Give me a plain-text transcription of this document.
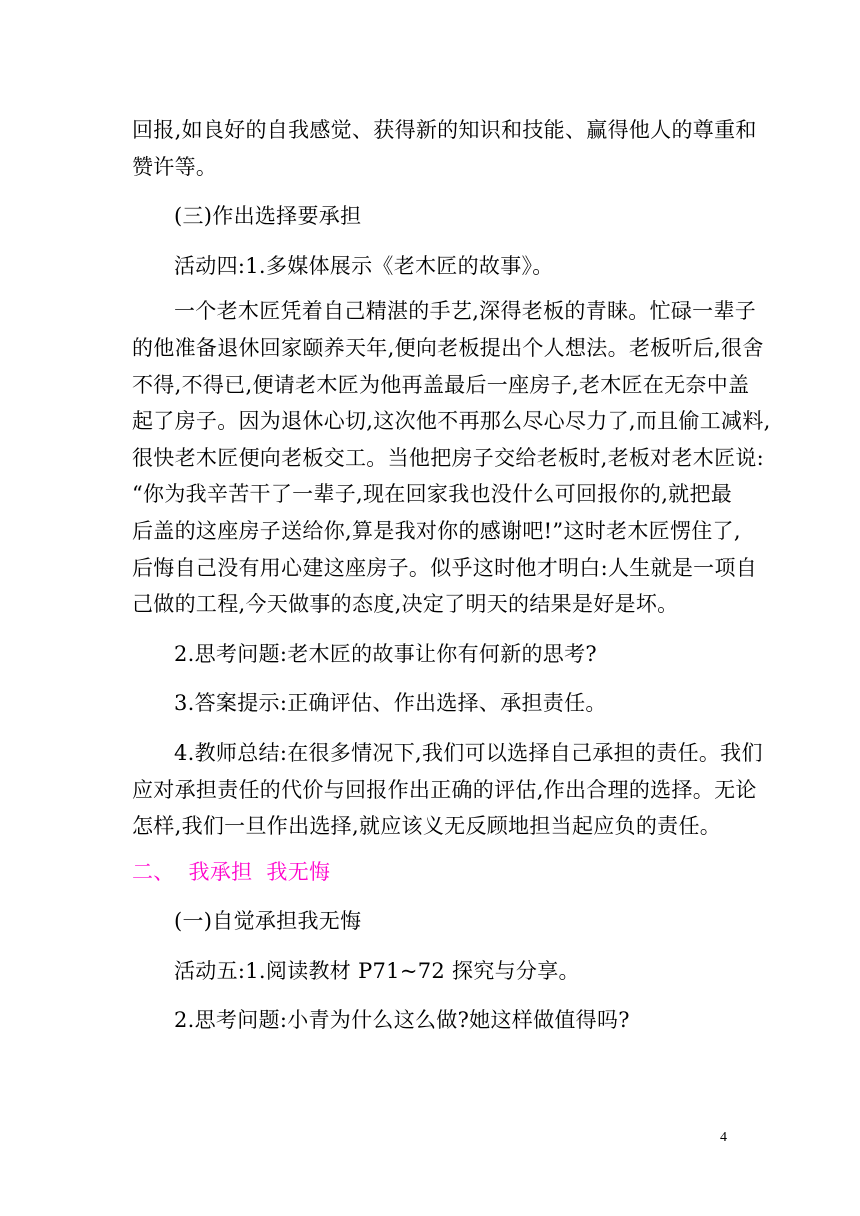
回报,如良好的自我感觉、获得新的知识和技能、赢得他人的尊重和
赞许等。
(三)作出选择要承担
活动四:1.多媒体展示《老木匠的故事》。
一个老木匠凭着自己精湛的手艺,深得老板的青睐。忙碌一辈子
的他准备退休回家颐养天年,便向老板提出个人想法。老板听后,很舍
不得,不得已,便请老木匠为他再盖最后一座房子,老木匠在无奈中盖
起了房子。因为退休心切,这次他不再那么尽心尽力了,而且偷工减料,
很快老木匠便向老板交工。当他把房子交给老板时,老板对老木匠说:
“你为我辛苦干了一辈子,现在回家我也没什么可回报你的,就把最
后盖的这座房子送给你,算是我对你的感谢吧!”这时老木匠愣住了,
后悔自己没有用心建这座房子。似乎这时他才明白:人生就是一项自
己做的工程,今天做事的态度,决定了明天的结果是好是坏。
2.思考问题:老木匠的故事让你有何新的思考?
3.答案提示:正确评估、作出选择、承担责任。
4.教师总结:在很多情况下,我们可以选择自己承担的责任。我们
应对承担责任的代价与回报作出正确的评估,作出合理的选择。无论
怎样,我们一旦作出选择,就应该义无反顾地担当起应负的责任。
二、  我承担  我无悔
(一)自觉承担我无悔
活动五:1.阅读教材 P71~72 探究与分享。
2.思考问题:小青为什么这么做?她这样做值得吗?
4
